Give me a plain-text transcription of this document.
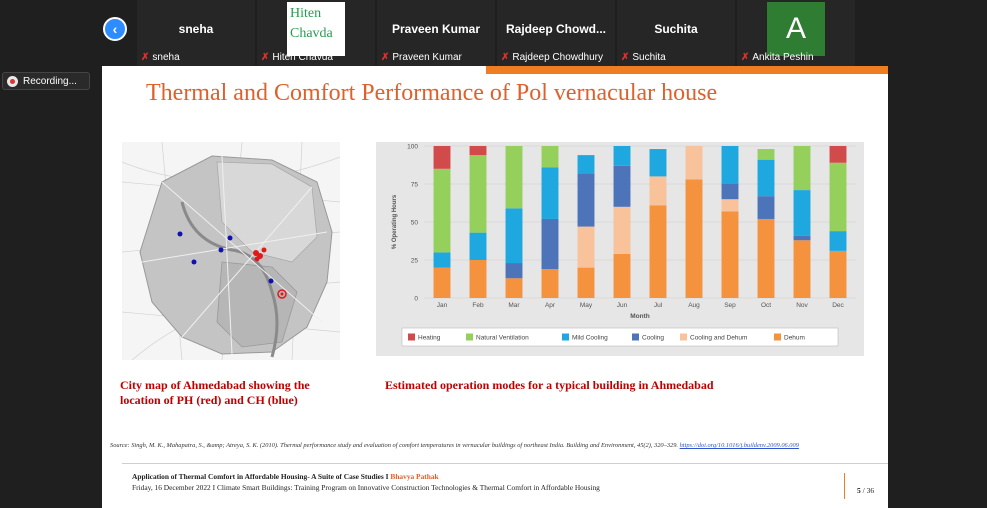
‹	sneha
✗ sneha
Hiten Chavda
✗ Hiten Chavda
Praveen Kumar
✗ Praveen Kumar
Rajdeep Chowd...
✗ Rajdeep Chowdhury
Suchita
✗ Suchita
A
✗ Ankita Peshin
Recording...	Thermal and Comfort Performance of Pol vernacular house
0
25
50
75
100
Jan	Feb	Mar	Apr	May	Jun	Jul	Aug	Sep	Oct	Nov	Dec
% Operating Hours
Month
Heating	Natural Ventilation	Mild Cooling	Cooling	Cooling and Dehum	Dehum
City map of Ahmedabad showing the location of PH (red) and CH (blue)
Estimated operation modes for a typical building in Ahmedabad
Source: Singh, M. K., Mahapatra, S., &amp; Atreya, S. K. (2010). Thermal performance study and evaluation of comfort temperatures in vernacular buildings of northeast India. Building and Environment, 45(2), 320–329. https://doi.org/10.1016/j.buildenv.2009.06.009
Application of Thermal Comfort in Affordable Housing- A Suite of Case Studies I Bhavya Pathak
Friday, 16 December 2022 I Climate Smart Buildings: Training Program on Innovative Construction Technologies & Thermal Comfort in Affordable Housing	5 / 36
